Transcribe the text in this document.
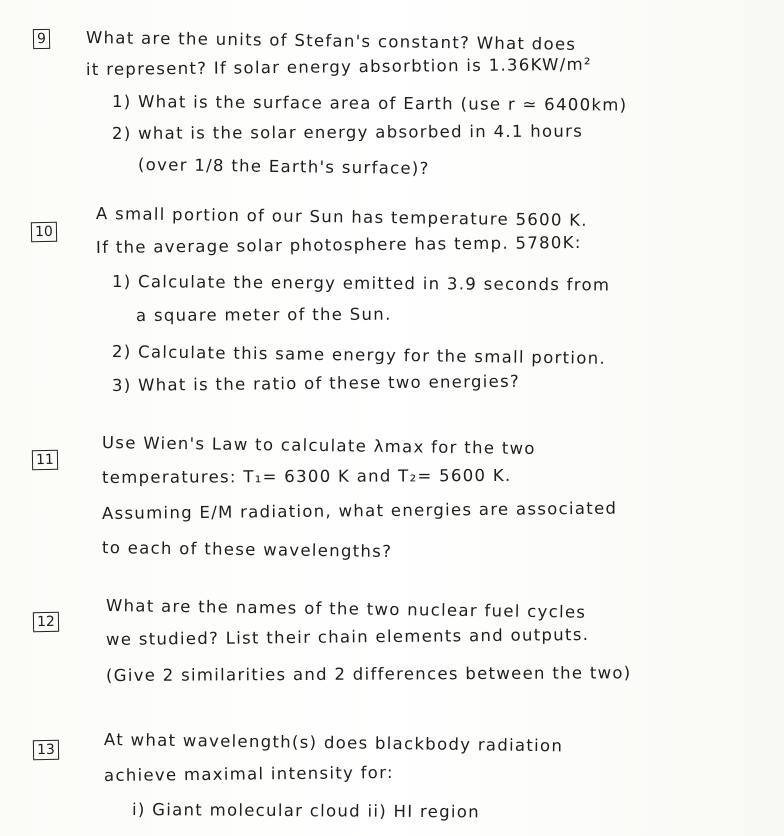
9 What are the units of Stefan's constant? What does
it represent? If solar energy absorbtion is 1.36KW/m²
1) What is the surface area of Earth (use r ≃ 6400km)
2) what is the solar energy absorbed in 4.1 hours
(over 1/8 the Earth's surface)?
10
A small portion of our Sun has temperature 5600 K.
If the average solar photosphere has temp. 5780K:
1) Calculate the energy emitted in 3.9 seconds from
a square meter of the Sun.
2) Calculate this same energy for the small portion.
3) What is the ratio of these two energies?
11
Use Wien's Law to calculate λmax for the two
temperatures: T₁= 6300 K and T₂= 5600 K.
Assuming E/M radiation, what energies are associated
to each of these wavelengths?
12
What are the names of the two nuclear fuel cycles
we studied? List their chain elements and outputs.
(Give 2 similarities and 2 differences between the two)
13	At what wavelength(s) does blackbody radiation
achieve maximal intensity for:
i) Giant molecular cloud ii) HI region
